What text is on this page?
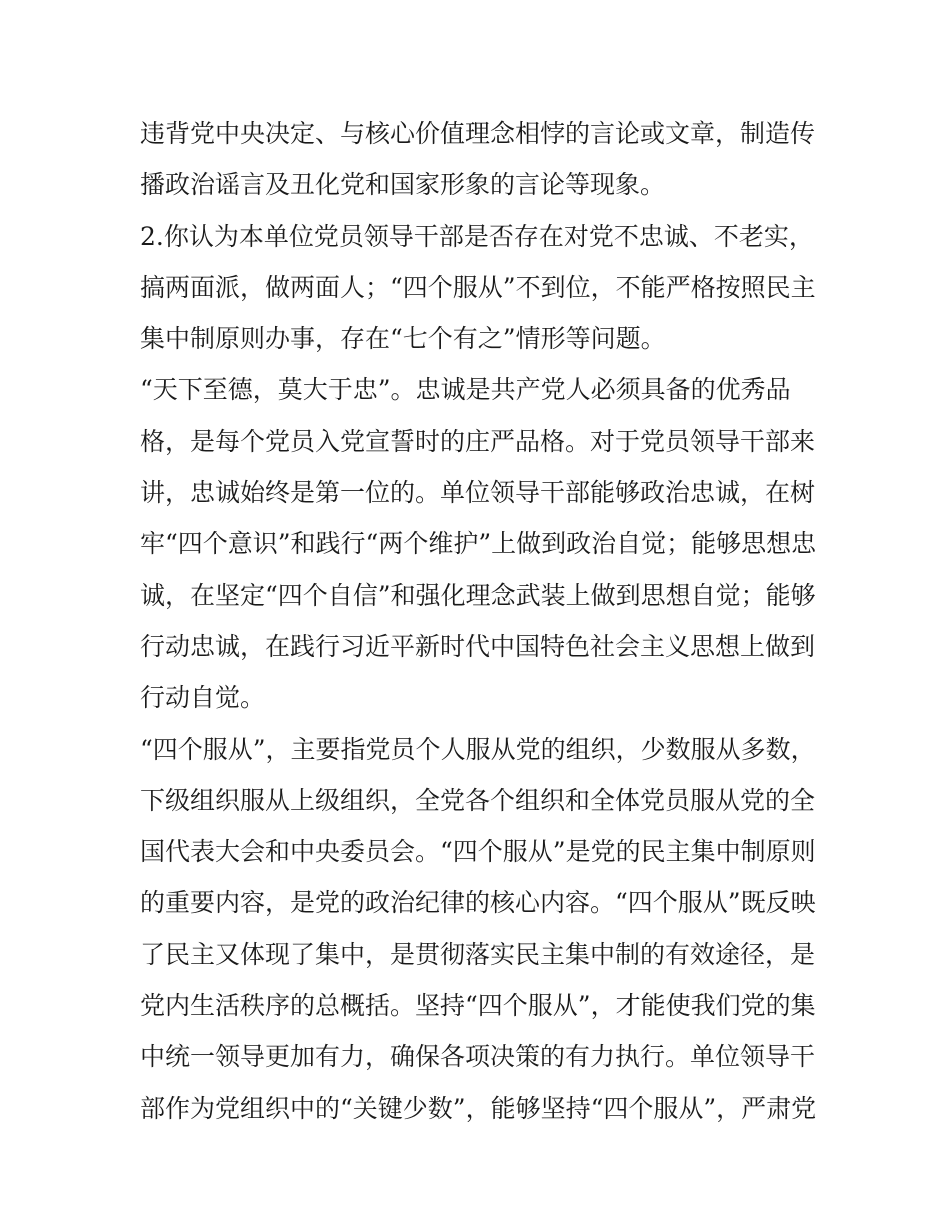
违背党中央决定、与核心价值理念相悖的言论或文章，制造传
播政治谣言及丑化党和国家形象的言论等现象。
2.你认为本单位党员领导干部是否存在对党不忠诚、不老实，
搞两面派，做两面人；“四个服从”不到位，不能严格按照民主
集中制原则办事，存在“七个有之”情形等问题。
“天下至德，莫大于忠”。忠诚是共产党人必须具备的优秀品
格，是每个党员入党宣誓时的庄严品格。对于党员领导干部来
讲，忠诚始终是第一位的。单位领导干部能够政治忠诚，在树
牢“四个意识”和践行“两个维护”上做到政治自觉；能够思想忠
诚，在坚定“四个自信”和强化理念武装上做到思想自觉；能够
行动忠诚，在践行习近平新时代中国特色社会主义思想上做到
行动自觉。
“四个服从”，主要指党员个人服从党的组织，少数服从多数，
下级组织服从上级组织，全党各个组织和全体党员服从党的全
国代表大会和中央委员会。“四个服从”是党的民主集中制原则
的重要内容，是党的政治纪律的核心内容。“四个服从”既反映
了民主又体现了集中，是贯彻落实民主集中制的有效途径，是
党内生活秩序的总概括。坚持“四个服从”，才能使我们党的集
中统一领导更加有力，确保各项决策的有力执行。单位领导干
部作为党组织中的“关键少数”，能够坚持“四个服从”，严肃党
